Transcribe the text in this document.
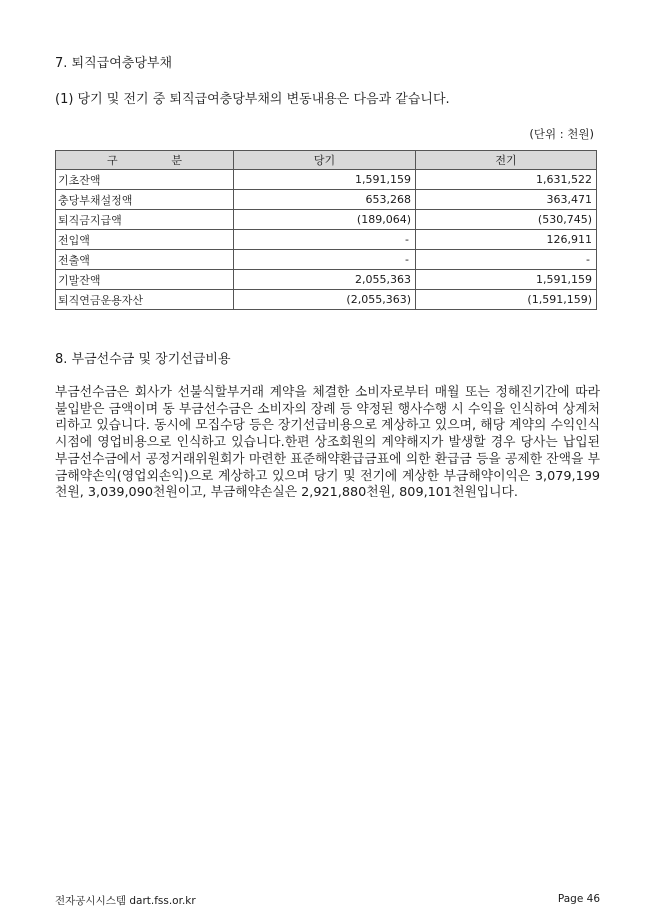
7. 퇴직급여충당부채
(1) 당기 및 전기 중 퇴직급여충당부채의 변동내용은 다음과 같습니다.
(단위 : 천원)
구 분	당기	전기
기초잔액	1,591,159	1,631,522
충당부채설정액	653,268	363,471
퇴직금지급액	(189,064)	(530,745)
전입액	-	126,911
전출액	-	-
기말잔액	2,055,363	1,591,159
퇴직연금운용자산	(2,055,363)	(1,591,159)
8. 부금선수금 및 장기선급비용

부금선수금은 회사가 선불식할부거래 계약을 체결한 소비자로부터 매월 또는 정해진기간에 따라 불입받은 금액이며 동 부금선수금은 소비자의 장례 등 약정된 행사수행 시 수익을 인식하여 상계처리하고 있습니다. 동시에 모집수당 등은 장기선급비용으로 계상하고 있으며, 해당 계약의 수익인식 시점에 영업비용으로 인식하고 있습니다.한편 상조회원의 계약해지가 발생할 경우 당사는 납입된 부금선수금에서 공정거래위원회가 마련한 표준해약환급금표에 의한 환급금 등을 공제한 잔액을 부금해약손익(영업외손익)으로 계상하고 있으며 당기 및 전기에 계상한 부금해약이익은 3,079,199천원, 3,039,090천원이고, 부금해약손실은 2,921,880천원, 809,101천원입니다.

전자공시시스템 dart.fss.or.kr	Page 46
